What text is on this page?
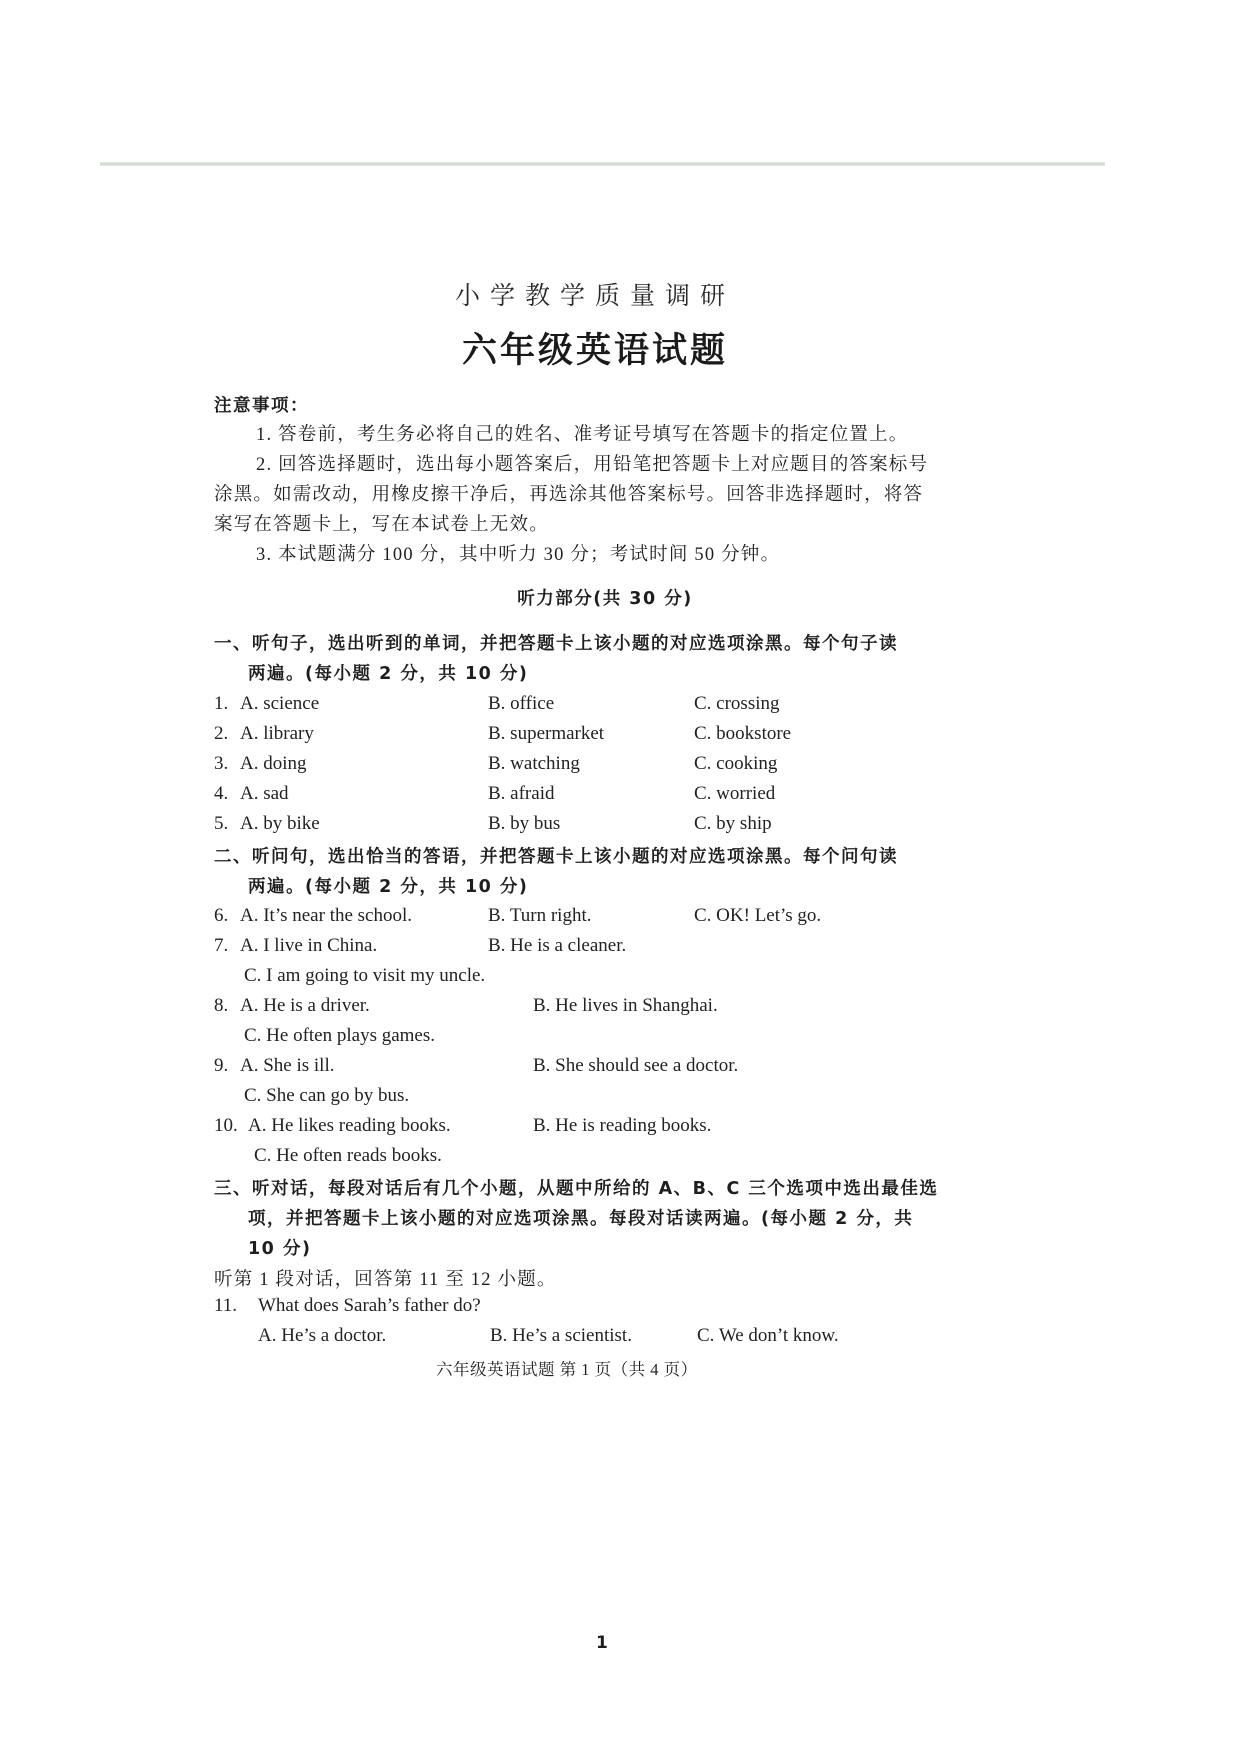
小学教学质量调研
六年级英语试题
注意事项：
1. 答卷前，考生务必将自己的姓名、准考证号填写在答题卡的指定位置上。
2. 回答选择题时，选出每小题答案后，用铅笔把答题卡上对应题目的答案标号
涂黑。如需改动，用橡皮擦干净后，再选涂其他答案标号。回答非选择题时，将答
案写在答题卡上，写在本试卷上无效。
3. 本试题满分 100 分，其中听力 30 分；考试时间 50 分钟。
听力部分(共 30 分)
一、听句子，选出听到的单词，并把答题卡上该小题的对应选项涂黑。每个句子读
两遍。(每小题 2 分，共 10 分)
1. A. science	B. office	C. crossing
2. A. library	B. supermarket	C. bookstore
3. A. doing	B. watching	C. cooking
4. A. sad	B. afraid	C. worried
5. A. by bike	B. by bus	C. by ship
二、听问句，选出恰当的答语，并把答题卡上该小题的对应选项涂黑。每个问句读
两遍。(每小题 2 分，共 10 分)
6. A. It’s near the school.	B. Turn right.	C. OK! Let’s go.
7. A. I live in China.	B. He is a cleaner.
C. I am going to visit my uncle.
8. A. He is a driver.	B. He lives in Shanghai.
C. He often plays games.
9. A. She is ill.	B. She should see a doctor.
C. She can go by bus.
10. A. He likes reading books.	B. He is reading books.
C. He often reads books.
三、听对话，每段对话后有几个小题，从题中所给的 A、B、C 三个选项中选出最佳选
项，并把答题卡上该小题的对应选项涂黑。每段对话读两遍。(每小题 2 分，共
10 分)
听第 1 段对话，回答第 11 至 12 小题。
11. What does Sarah’s father do?
A. He’s a doctor.	B. He’s a scientist.	C. We don’t know.
六年级英语试题 第 1 页（共 4 页）
1
